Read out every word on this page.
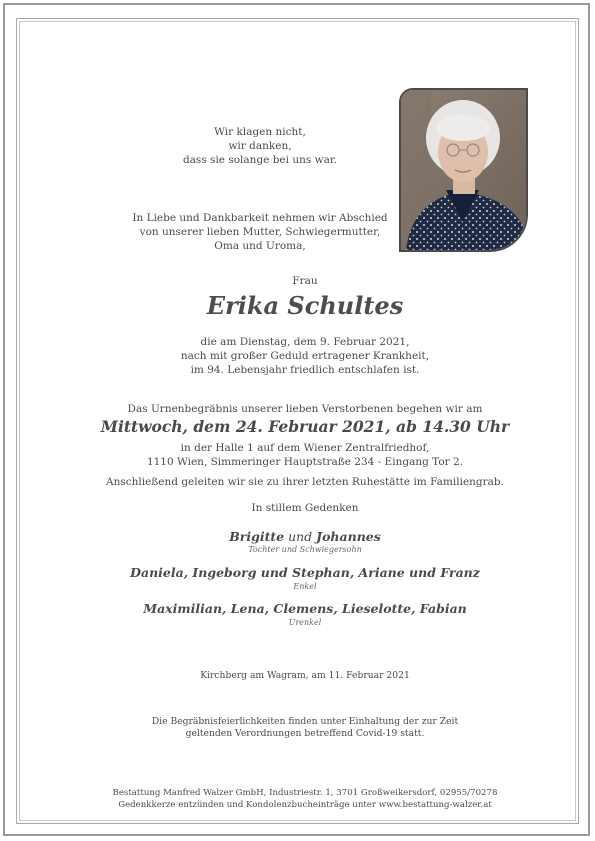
Wir klagen nicht,
wir danken,
dass sie solange bei uns war.
In Liebe und Dankbarkeit nehmen wir Abschied
von unserer lieben Mutter, Schwiegermutter,
Oma und Uroma,
Frau
Erika Schultes
die am Dienstag, dem 9. Februar 2021,
nach mit großer Geduld ertragener Krankheit,
im 94. Lebensjahr friedlich entschlafen ist.
Das Urnenbegräbnis unserer lieben Verstorbenen begehen wir am
Mittwoch, dem 24. Februar 2021, ab 14.30 Uhr
in der Halle 1 auf dem Wiener Zentralfriedhof,
1110 Wien, Simmeringer Hauptstraße 234 - Eingang Tor 2.
Anschließend geleiten wir sie zu ihrer letzten Ruhestätte im Familiengrab.
In stillem Gedenken
Brigitte und Johannes
Tochter und Schwiegersohn
Daniela, Ingeborg und Stephan, Ariane und Franz
Enkel
Maximilian, Lena, Clemens, Lieselotte, Fabian
Urenkel
Kirchberg am Wagram, am 11. Februar 2021
Die Begräbnisfeierlichkeiten finden unter Einhaltung der zur Zeit
geltenden Verordnungen betreffend Covid-19 statt.
Bestattung Manfred Walzer GmbH, Industriestr. 1, 3701 Großweikersdorf, 02955/70278
Gedenkkerze entzünden und Kondolenzbucheinträge unter www.bestattung-walzer.at
